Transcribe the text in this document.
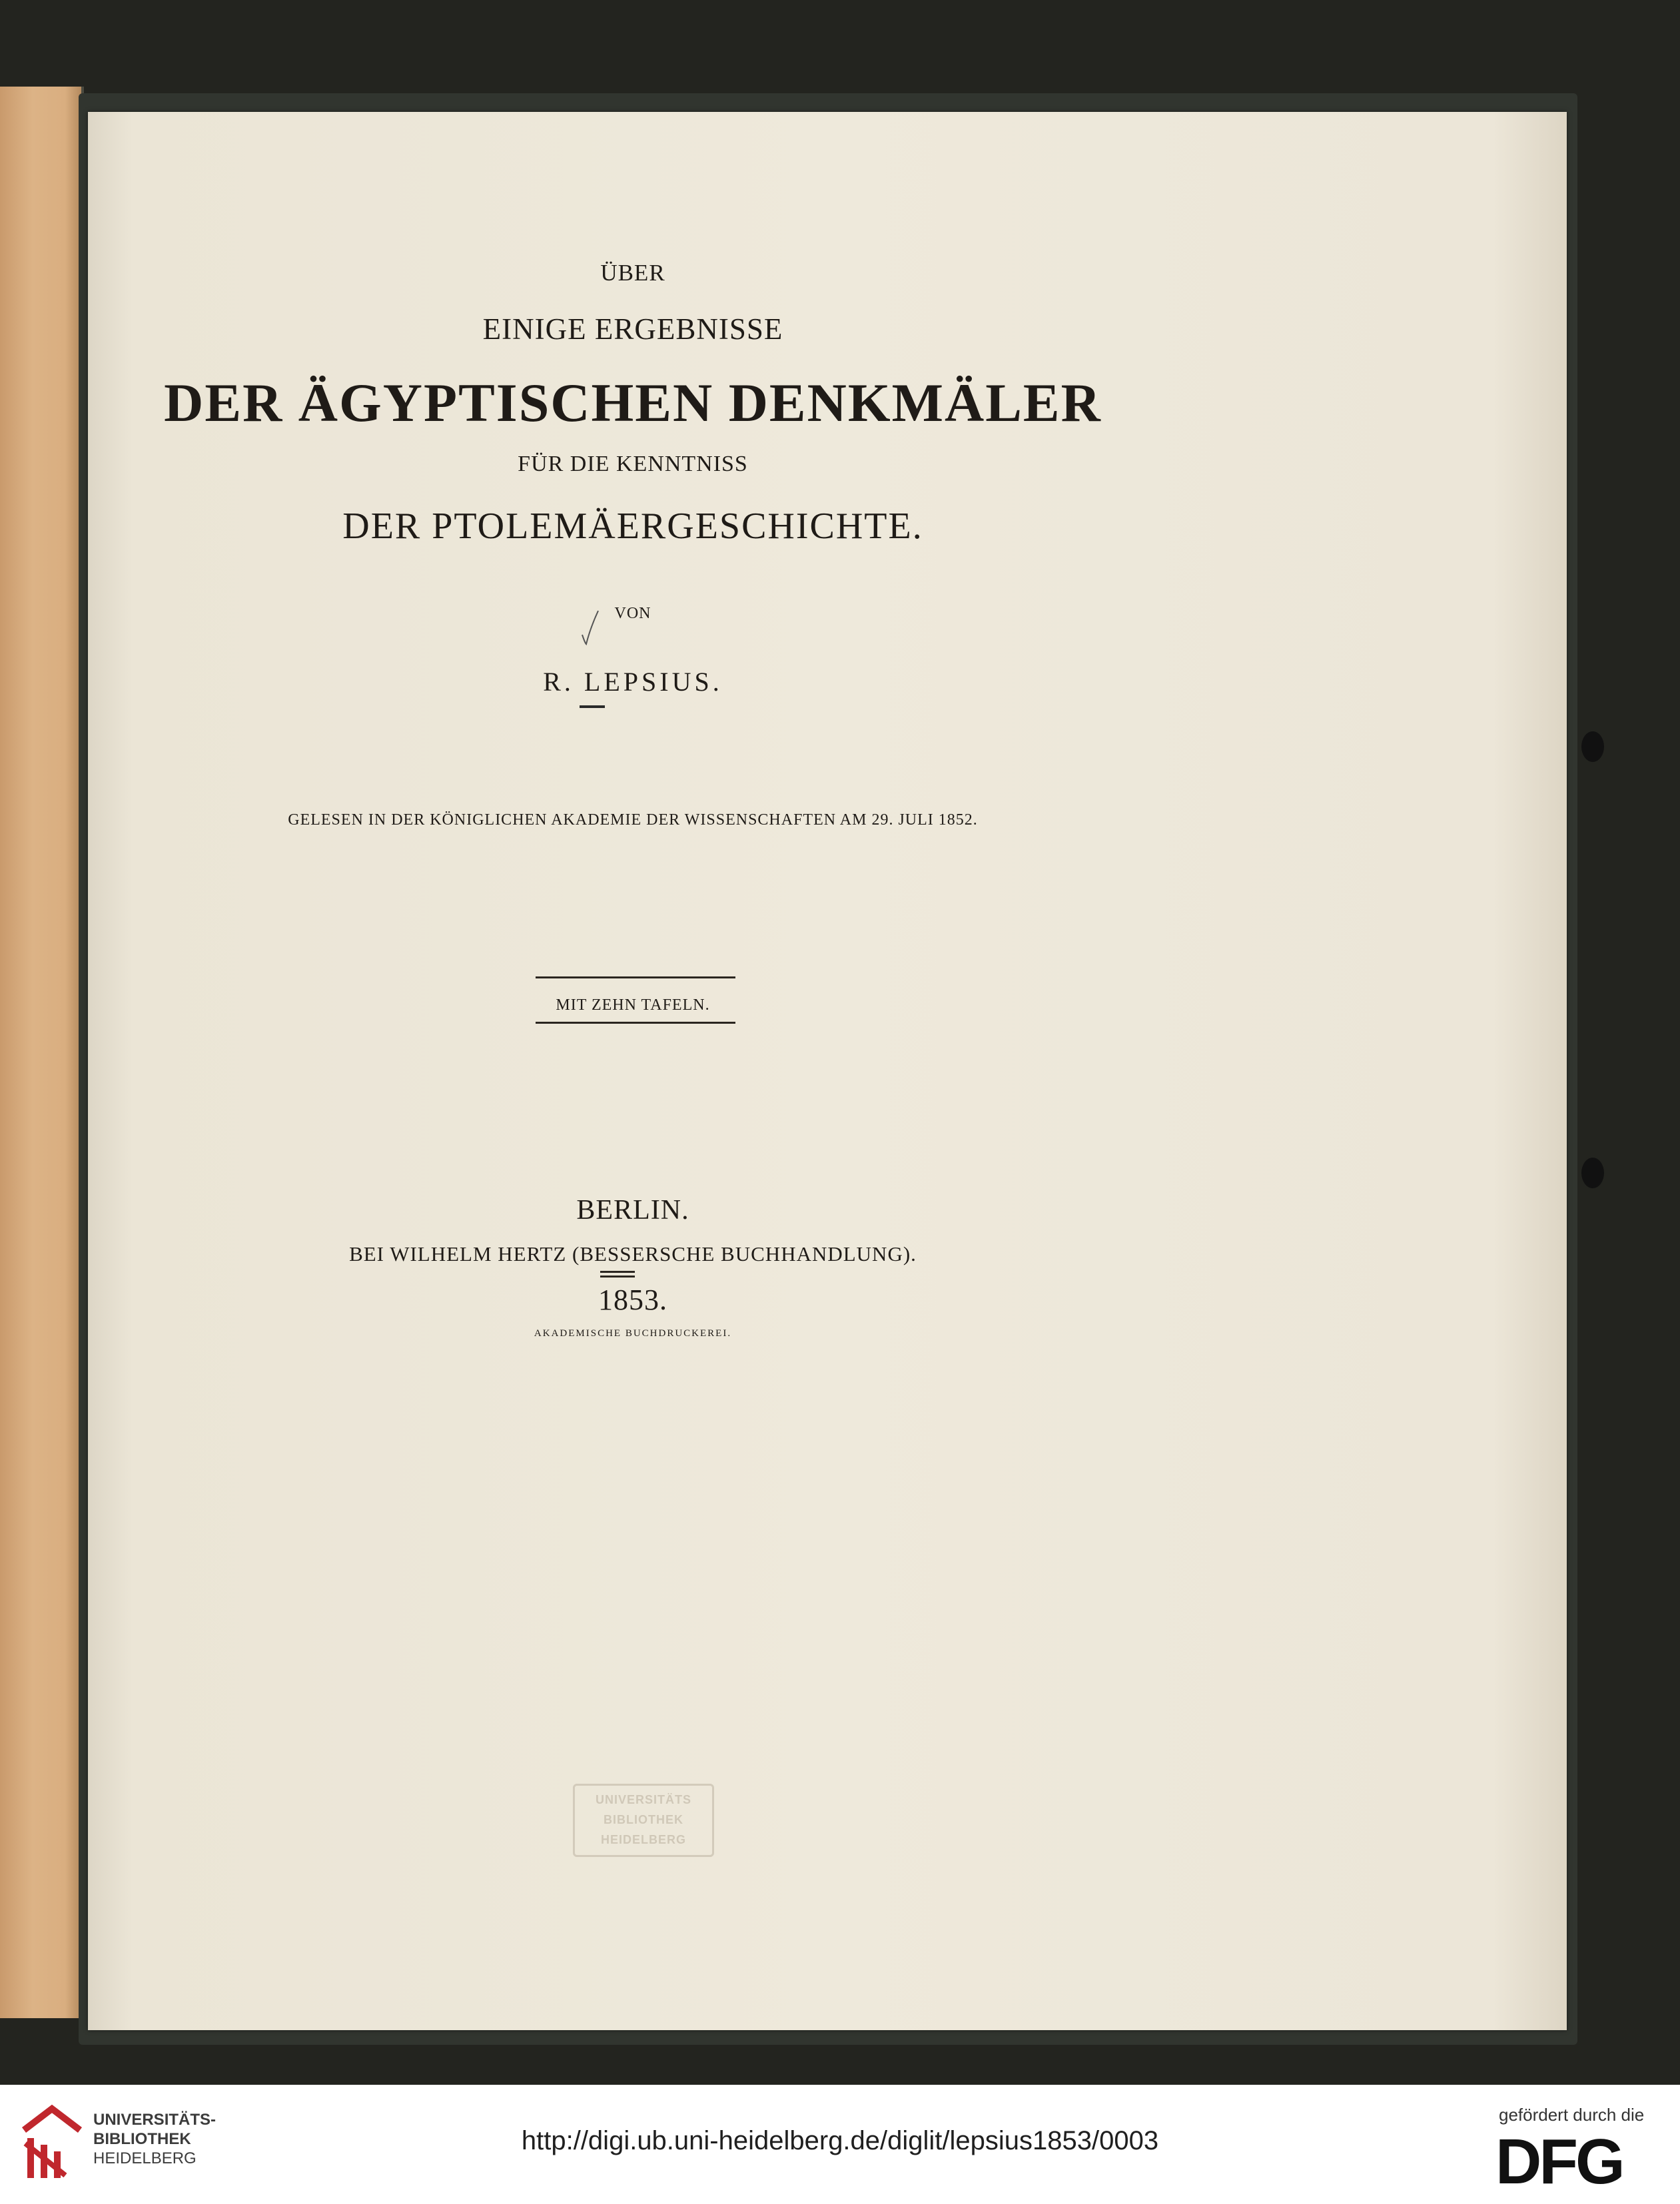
ÜBER
EINIGE ERGEBNISSE
DER ÄGYPTISCHEN DENKMÄLER
FÜR DIE KENNTNISS
DER PTOLEMÄERGESCHICHTE.
VON
R. LEPSIUS.
GELESEN IN DER KÖNIGLICHEN AKADEMIE DER WISSENSCHAFTEN AM 29. JULI 1852.
MIT ZEHN TAFELN.
BERLIN.
BEI WILHELM HERTZ (BESSERSCHE BUCHHANDLUNG).
1853.
AKADEMISCHE BUCHDRUCKEREI.
UNIVERSITÄTS
BIBLIOTHEK
HEIDELBERG
UNIVERSITÄTS-
BIBLIOTHEK
HEIDELBERG
http://digi.ub.uni-heidelberg.de/diglit/lepsius1853/0003
gefördert durch die
DFG
